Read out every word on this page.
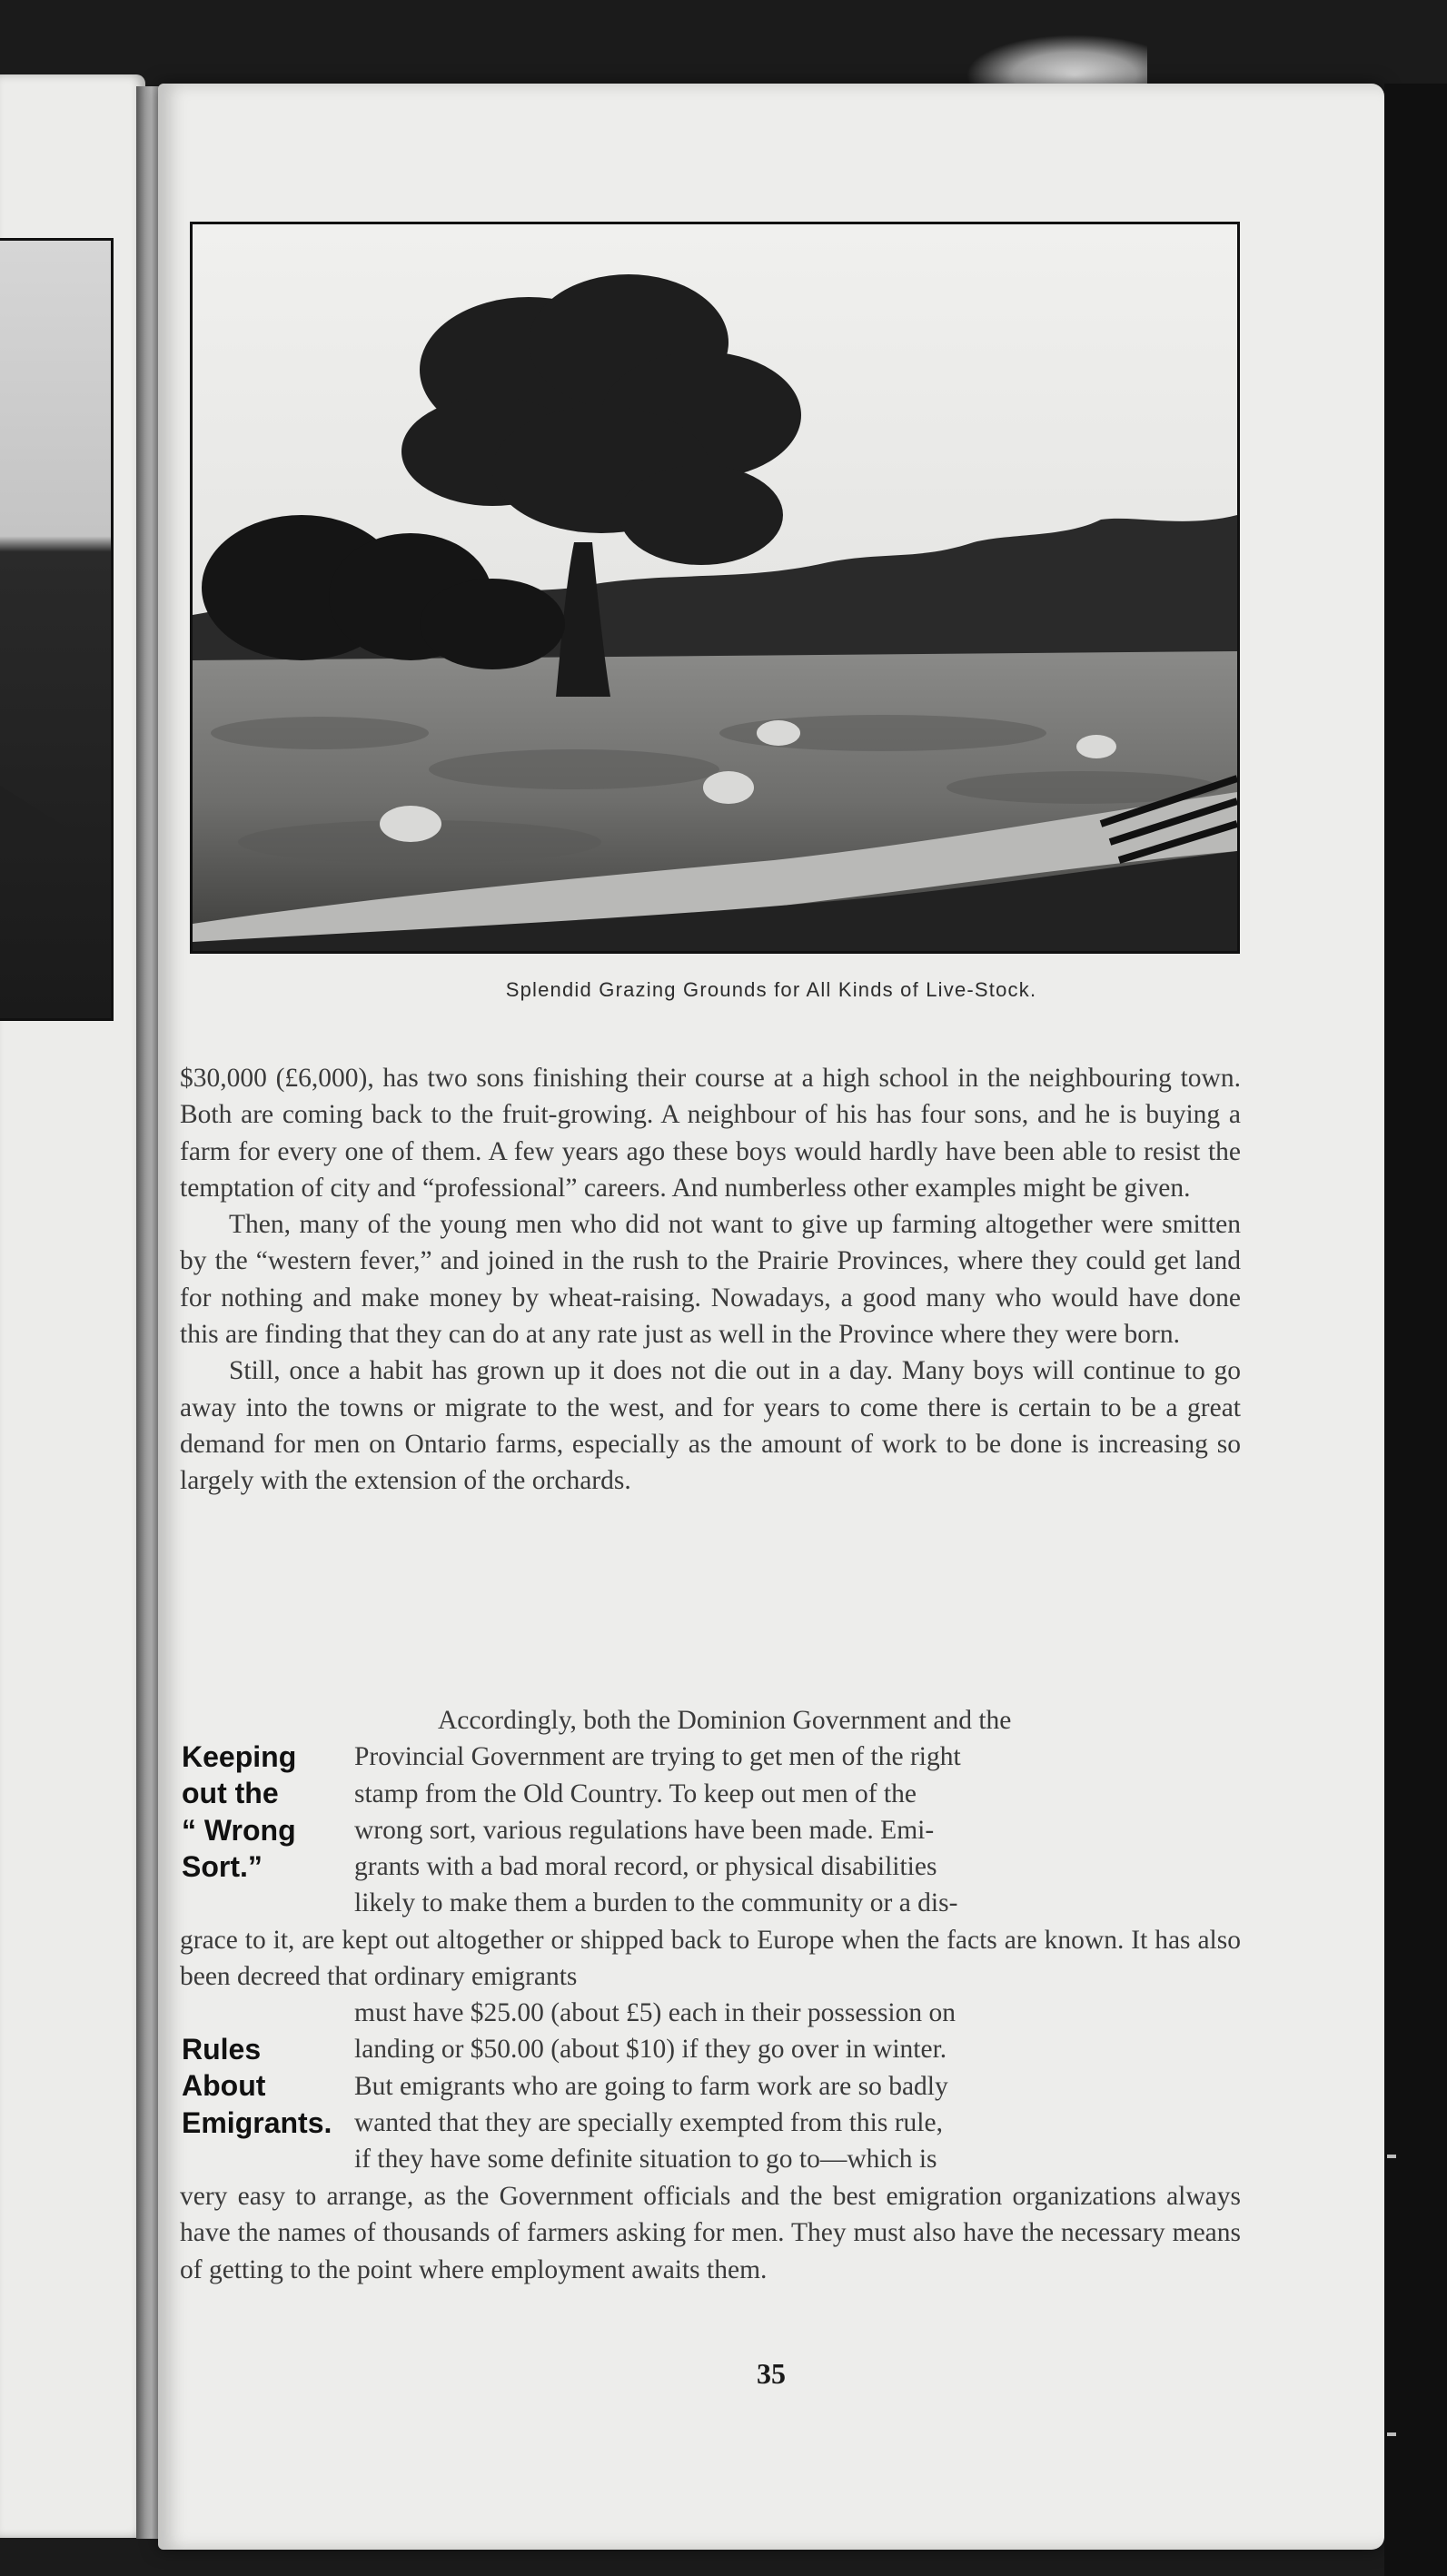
Splendid Grazing Grounds for All Kinds of Live-Stock.

$30,000 (£6,000), has two sons finishing their course at a high school in the neighbouring town. Both are coming back to the fruit-growing. A neighbour of his has four sons, and he is buying a farm for every one of them. A few years ago these boys would hardly have been able to resist the temptation of city and “professional” careers. And numberless other examples might be given.

Then, many of the young men who did not want to give up farming altogether were smitten by the “western fever,” and joined in the rush to the Prairie Provinces, where they could get land for nothing and make money by wheat-raising. Nowadays, a good many who would have done this are finding that they can do at any rate just as well in the Province where they were born.

Still, once a habit has grown up it does not die out in a day. Many boys will continue to go away into the towns or migrate to the west, and for years to come there is certain to be a great demand for men on Ontario farms, especially as the amount of work to be done is increasing so largely with the extension of the orchards.

Keeping
out the
“ Wrong
Sort.”
Accordingly, both the Dominion Government and the
Provincial Government are trying to get men of the right
stamp from the Old Country. To keep out men of the
wrong sort, various regulations have been made. Emi-
grants with a bad moral record, or physical disabilities
likely to make them a burden to the community or a dis-

grace to it, are kept out altogether or shipped back to Europe when the facts are known. It has also been decreed that ordinary emigrants

Rules
About
Emigrants.
must have $25.00 (about £5) each in their possession on
landing or $50.00 (about $10) if they go over in winter.
But emigrants who are going to farm work are so badly
wanted that they are specially exempted from this rule,
if they have some definite situation to go to—which is

very easy to arrange, as the Government officials and the best emigration organizations always have the names of thousands of farmers asking for men. They must also have the necessary means of getting to the point where employment awaits them.

35
